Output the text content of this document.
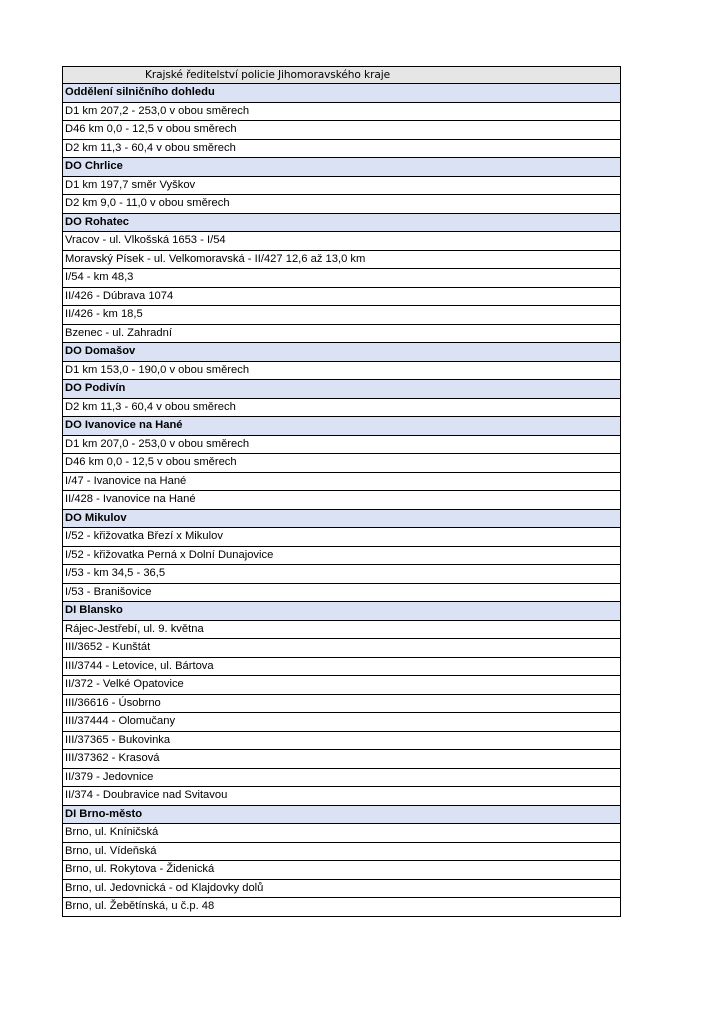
Krajské ředitelství policie Jihomoravského kraje
Oddělení silničního dohledu
D1 km 207,2 - 253,0 v obou směrech
D46 km 0,0 - 12,5 v obou směrech
D2 km 11,3 - 60,4 v obou směrech
DO Chrlice
D1 km 197,7 směr Vyškov
D2 km 9,0 - 11,0 v obou směrech
DO Rohatec
Vracov - ul. Vlkošská 1653 - I/54
Moravský Písek - ul. Velkomoravská - II/427 12,6 až 13,0 km
I/54 - km 48,3
II/426 - Dúbrava 1074
II/426 - km 18,5
Bzenec - ul. Zahradní
DO Domašov
D1 km 153,0 - 190,0 v obou směrech
DO Podivín
D2 km 11,3 - 60,4 v obou směrech
DO Ivanovice na Hané
D1 km 207,0 - 253,0 v obou směrech
D46 km 0,0 - 12,5 v obou směrech
I/47 - Ivanovice na Hané
II/428 - Ivanovice na Hané
DO Mikulov
I/52 - křižovatka Březí x Mikulov
I/52 - křižovatka Perná x Dolní Dunajovice
I/53 - km 34,5 - 36,5
I/53 - Branišovice
DI Blansko
Rájec-Jestřebí, ul. 9. května
III/3652 - Kunštát
III/3744 - Letovice, ul. Bártova
II/372 - Velké Opatovice
III/36616 - Úsobrno
III/37444 - Olomučany
III/37365 - Bukovinka
III/37362 - Krasová
II/379 - Jedovnice
II/374 - Doubravice nad Svitavou
DI Brno-město
Brno, ul. Kníničská
Brno, ul. Vídeňská
Brno, ul. Rokytova - Židenická
Brno, ul. Jedovnická - od Klajdovky dolů
Brno, ul. Žebětínská, u č.p. 48
